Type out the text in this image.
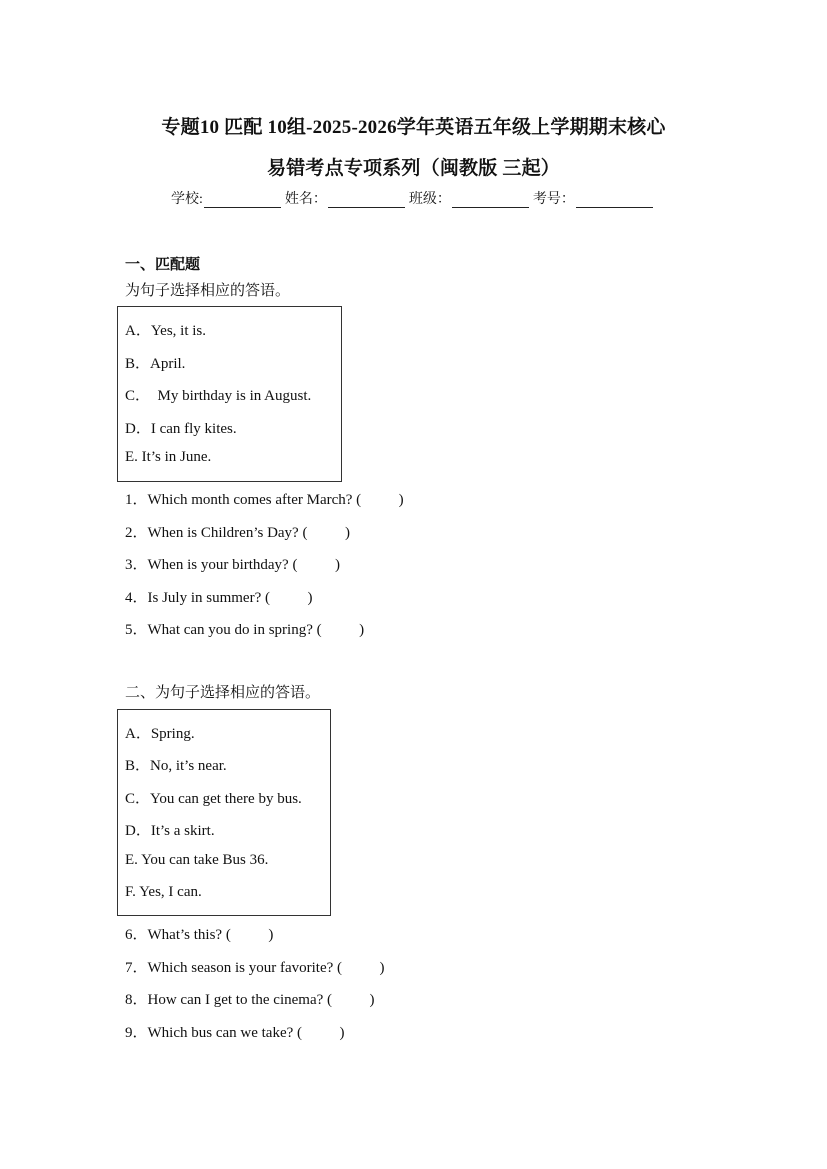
专题10 匹配 10组-2025-2026学年英语五年级上学期期末核心
易错考点专项系列（闽教版 三起）
学校:	姓名：	班级：	考号：
一、匹配题
为句子选择相应的答语。
A．Yes, it is.
B．April.
C．  My birthday is in August.
D．I can fly kites.
E. It’s in June.
1．Which month comes after March? (          )
2．When is Children’s Day? (          )
3．When is your birthday? (          )
4．Is July in summer? (          )
5．What can you do in spring? (          )
二、为句子选择相应的答语。
A．Spring.
B．No, it’s near.
C．You can get there by bus.
D．It’s a skirt.
E. You can take Bus 36.
F. Yes, I can.
6．What’s this? (          )
7．Which season is your favorite? (          )
8．How can I get to the cinema? (          )
9．Which bus can we take? (          )
